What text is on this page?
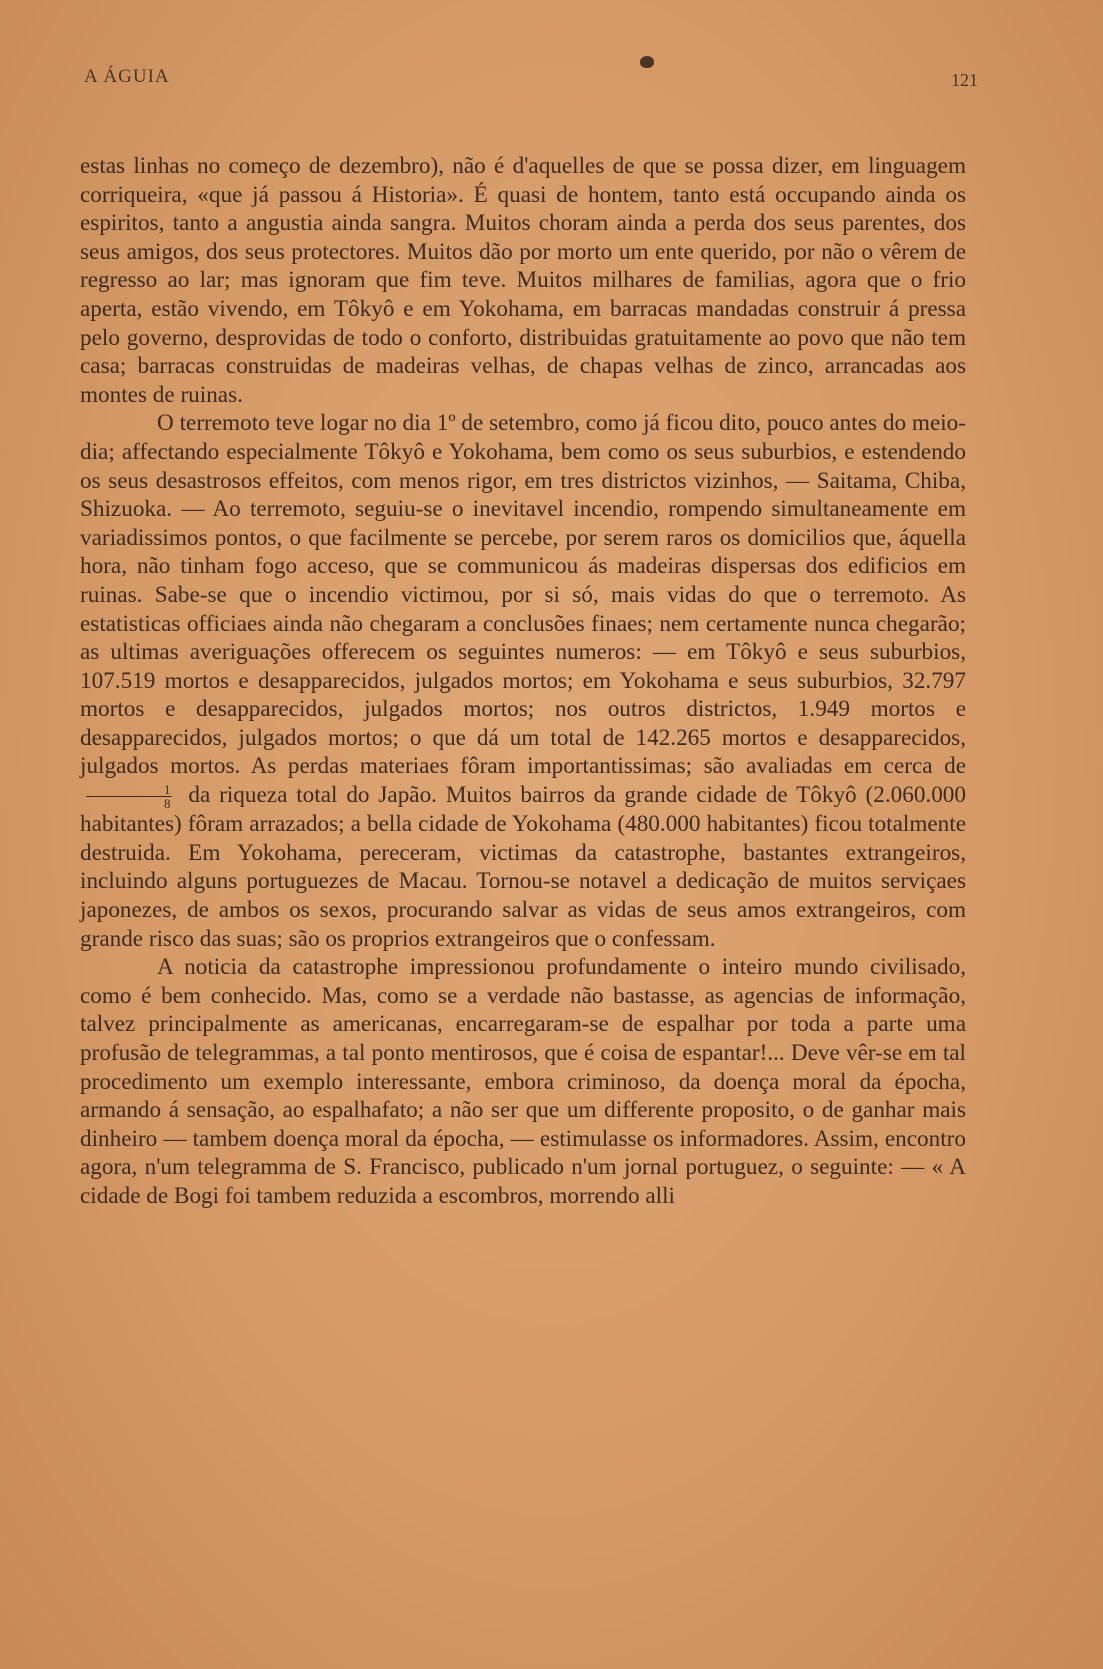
A ÁGUIA	121

estas linhas no começo de dezembro), não é d'aquelles de que se possa dizer, em linguagem corriqueira, «que já passou á Historia». É quasi de hontem, tanto está occupando ainda os espiritos, tanto a angustia ainda sangra. Muitos choram ainda a perda dos seus parentes, dos seus amigos, dos seus protectores. Muitos dão por morto um ente querido, por não o vêrem de regresso ao lar; mas ignoram que fim teve. Muitos milhares de familias, agora que o frio aperta, estão vivendo, em Tôkyô e em Yokohama, em barracas mandadas construir á pressa pelo governo, desprovidas de todo o conforto, distribuidas gratuitamente ao povo que não tem casa; barracas construidas de madeiras velhas, de chapas velhas de zinco, arrancadas aos montes de ruinas.

O terremoto teve logar no dia 1º de setembro, como já ficou dito, pouco antes do meio-dia; affectando especialmente Tôkyô e Yokohama, bem como os seus suburbios, e estendendo os seus desastrosos effeitos, com menos rigor, em tres districtos vizinhos, — Saitama, Chiba, Shizuoka. — Ao terremoto, seguiu-se o inevitavel incendio, rompendo simultaneamente em variadissimos pontos, o que facilmente se percebe, por serem raros os domicilios que, áquella hora, não tinham fogo acceso, que se communicou ás madeiras dispersas dos edificios em ruinas. Sabe-se que o incendio victimou, por si só, mais vidas do que o terremoto. As estatisticas officiaes ainda não chegaram a conclusões finaes; nem certamente nunca chegarão; as ultimas averiguações offerecem os seguintes numeros: — em Tôkyô e seus suburbios, 107.519 mortos e desapparecidos, julgados mortos; em Yokohama e seus suburbios, 32.797 mortos e desapparecidos, julgados mortos; nos outros districtos, 1.949 mortos e desapparecidos, julgados mortos; o que dá um total de 142.265 mortos e desapparecidos, julgados mortos. As perdas materiaes fôram importantissimas; são avaliadas em cerca de
$\frac{1}{8}$ da riqueza total do Japão. Muitos bairros da grande cidade de Tôkyô (2.060.000 habitantes) fôram arrazados; a bella cidade de Yokohama (480.000 habitantes) ficou totalmente destruida. Em Yokohama, pereceram, victimas da catastrophe, bastantes extrangeiros, incluindo alguns portuguezes de Macau. Tornou-se notavel a dedicação de muitos serviçaes japonezes, de ambos os sexos, procurando salvar as vidas de seus amos extrangeiros, com grande risco das suas; são os proprios extrangeiros que o confessam.

A noticia da catastrophe impressionou profundamente o inteiro mundo civilisado, como é bem conhecido. Mas, como se a verdade não bastasse, as agencias de informação, talvez principalmente as americanas, encarregaram-se de espalhar por toda a parte uma profusão de telegrammas, a tal ponto mentirosos, que é coisa de espantar!... Deve vêr-se em tal procedimento um exemplo interessante, embora criminoso, da doença moral da épocha, armando á sensação, ao espalhafato; a não ser que um differente proposito, o de ganhar mais dinheiro — tambem doença moral da épocha, — estimulasse os informadores. Assim, encontro agora, n'um telegramma de S. Francisco, publicado n'um jornal portuguez, o seguinte: — « A cidade de Bogi foi tambem reduzida a escombros, morrendo alli
